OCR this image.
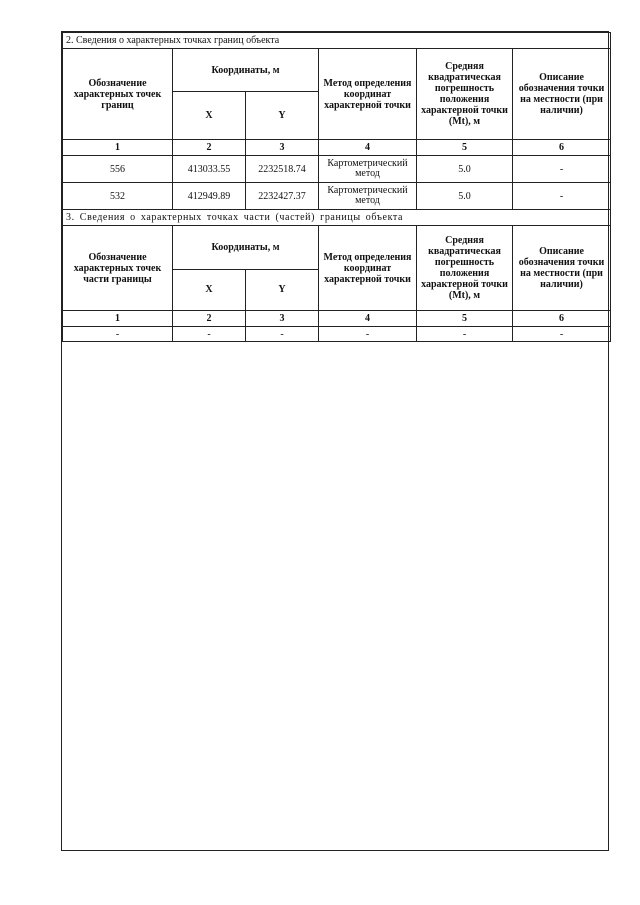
2. Сведения о характерных точках границ объекта					
Обозначение характерных точек границ	Координаты, м		Метод определения координат характерной точки	Средняя квадратическая погрешность положения характерной точки (Mt), м	Описание обозначения точки на местности (при наличии)
	X	Y			
1	2	3	4	5	6
556	413033.55	2232518.74	Картометрический метод	5.0	-
532	412949.89	2232427.37	Картометрический метод	5.0	-
3. Сведения о характерных точках части (частей) границы объекта					
Обозначение характерных точек части границы	Координаты, м		Метод определения координат характерной точки	Средняя квадратическая погрешность положения характерной точки (Mt), м	Описание обозначения точки на местности (при наличии)
	X	Y			
1	2	3	4	5	6
-	-	-	-	-	-
